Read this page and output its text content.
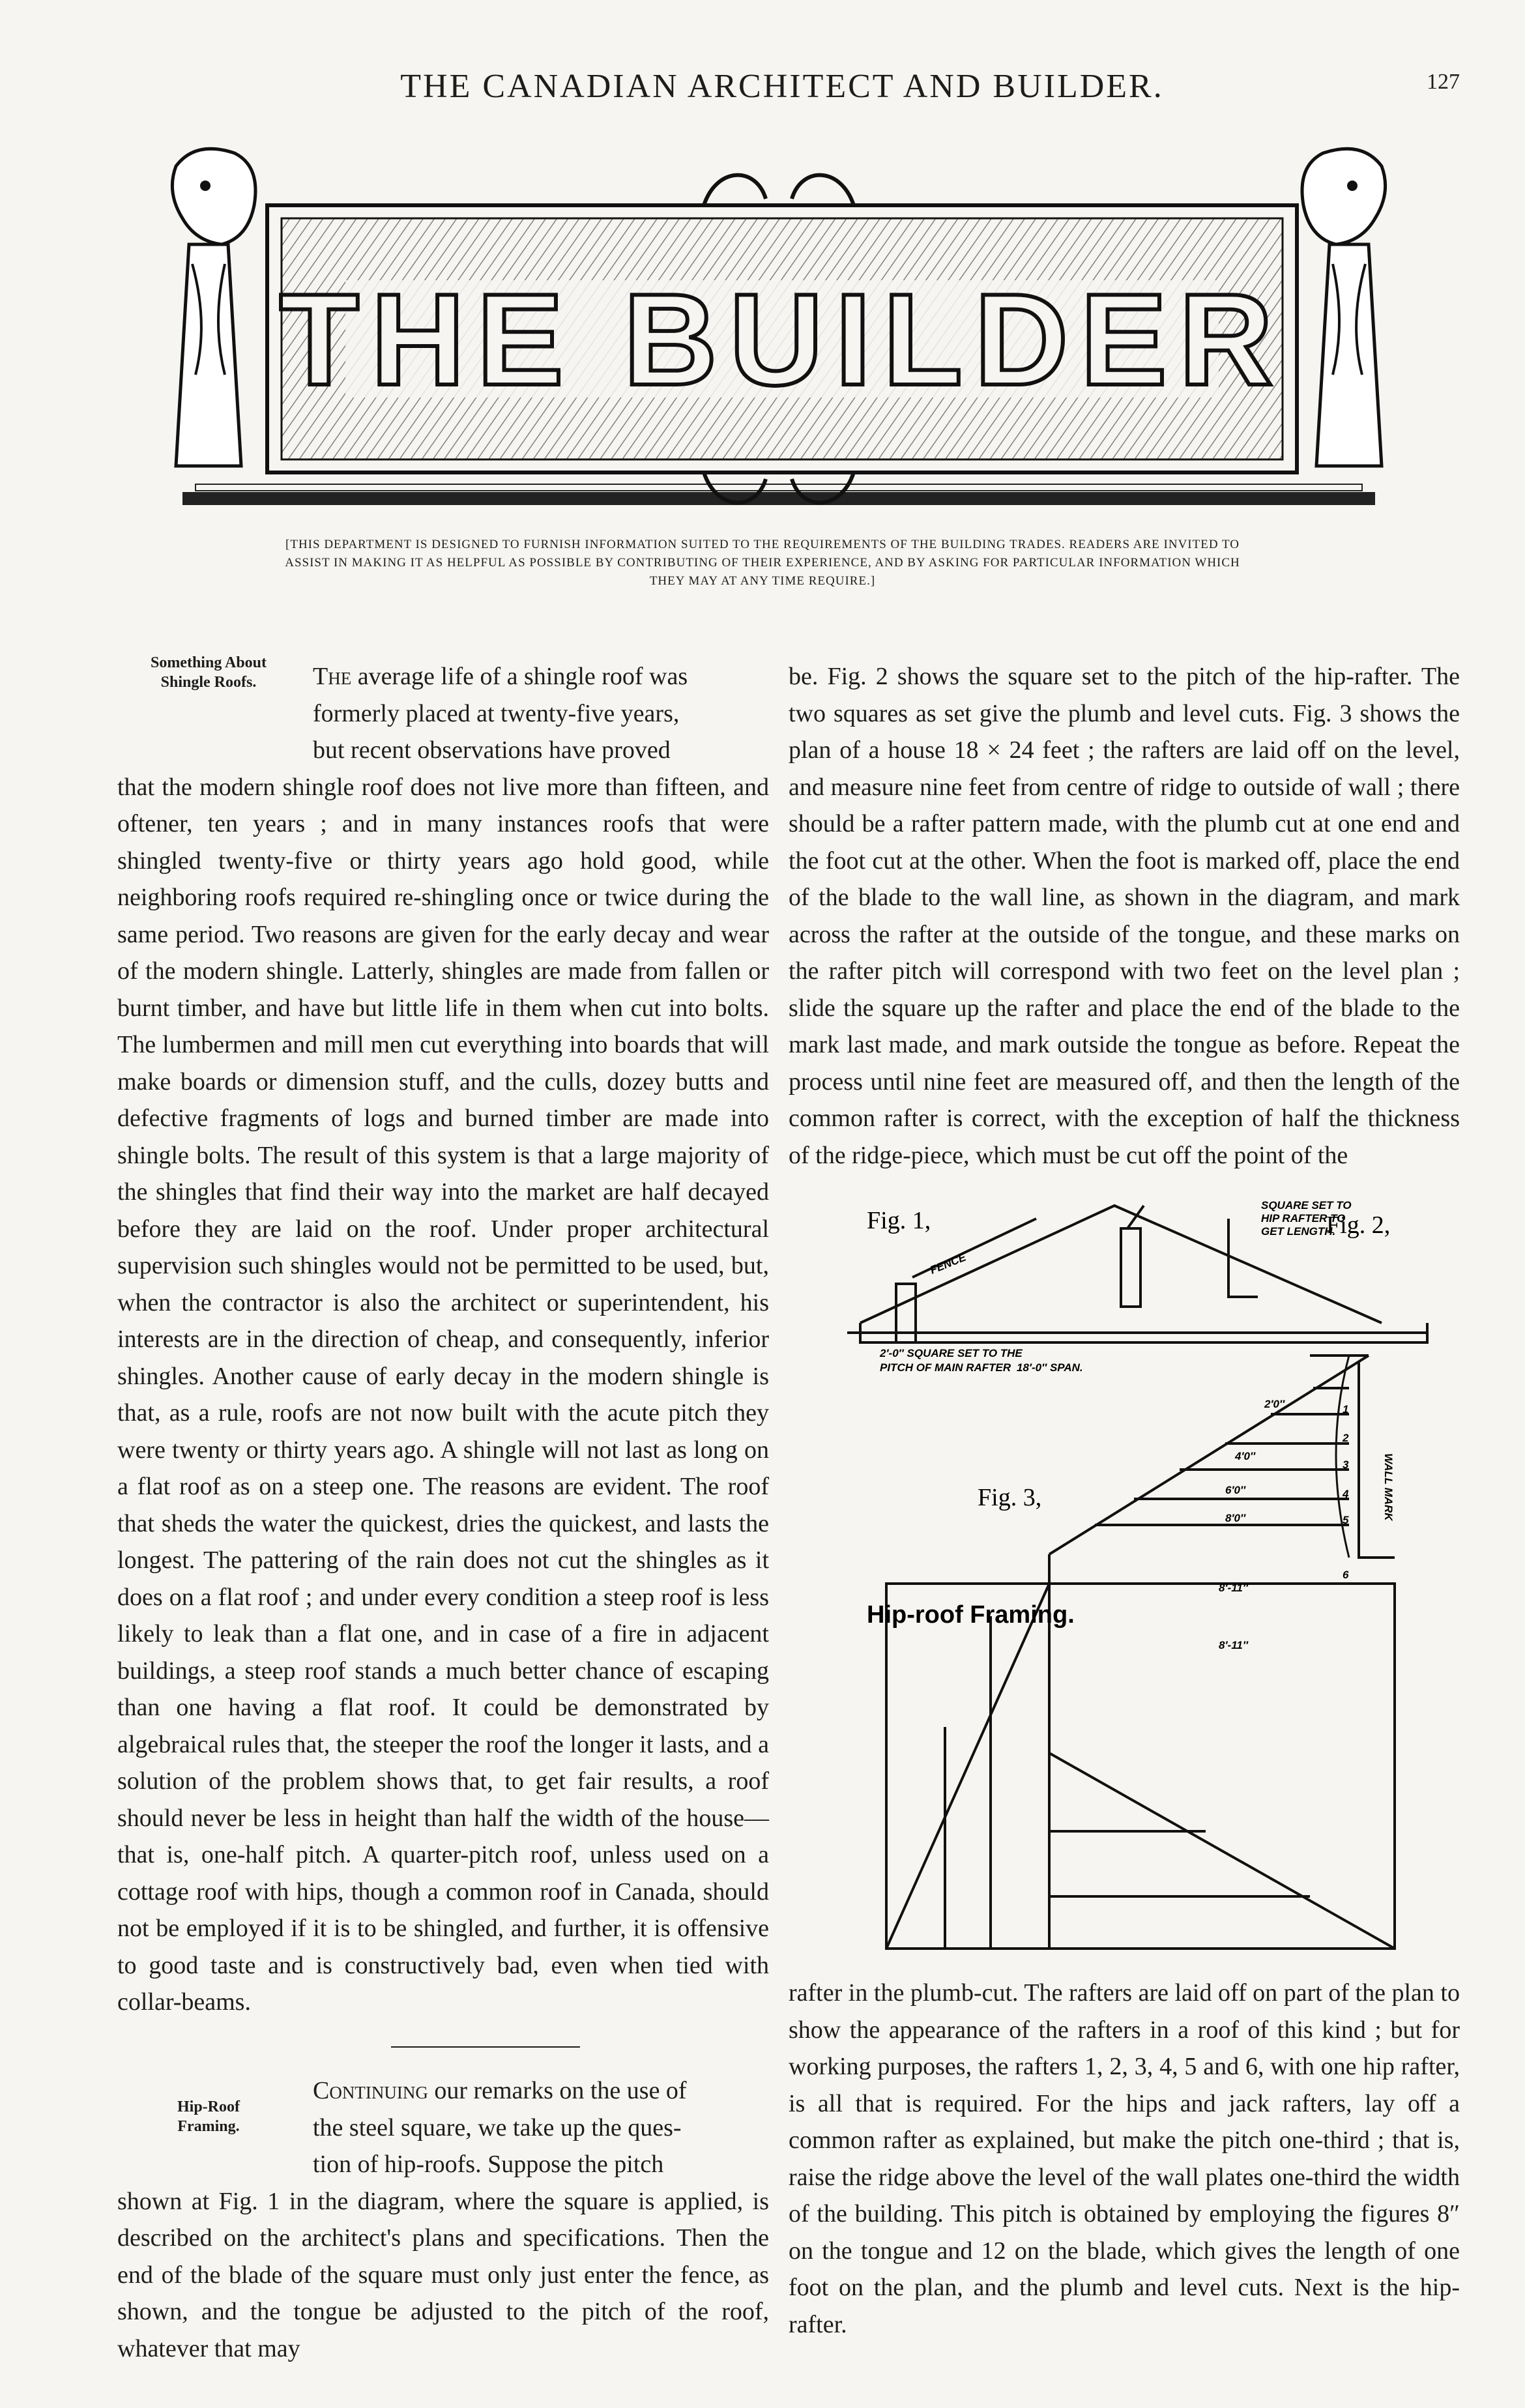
THE CANADIAN ARCHITECT AND BUILDER.	127
THE BUILDER
[THIS DEPARTMENT IS DESIGNED TO FURNISH INFORMATION SUITED TO THE REQUIREMENTS OF THE BUILDING TRADES. READERS ARE INVITED TO ASSIST IN MAKING IT AS HELPFUL AS POSSIBLE BY CONTRIBUTING OF THEIR EXPERIENCE, AND BY ASKING FOR PARTICULAR INFORMATION WHICH THEY MAY AT ANY TIME REQUIRE.]
Something About
Shingle Roofs.	The average life of a shingle roof was

formerly placed at twenty-five years,

but recent observations have proved

that the modern shingle roof does not live more than fifteen, and oftener, ten years ; and in many instances roofs that were shingled twenty-five or thirty years ago hold good, while neighboring roofs required re-shingling once or twice during the same period. Two reasons are given for the early decay and wear of the modern shingle. Latterly, shingles are made from fallen or burnt timber, and have but little life in them when cut into bolts. The lumbermen and mill men cut everything into boards that will make boards or dimension stuff, and the culls, dozey butts and defective fragments of logs and burned timber are made into shingle bolts. The result of this system is that a large majority of the shingles that find their way into the market are half decayed before they are laid on the roof. Under proper architectural supervision such shingles would not be permitted to be used, but, when the contractor is also the architect or superintendent, his interests are in the direction of cheap, and consequently, inferior shingles. Another cause of early decay in the modern shingle is that, as a rule, roofs are not now built with the acute pitch they were twenty or thirty years ago. A shingle will not last as long on a flat roof as on a steep one. The reasons are evident. The roof that sheds the water the quickest, dries the quickest, and lasts the longest. The pattering of the rain does not cut the shingles as it does on a flat roof ; and under every condition a steep roof is less likely to leak than a flat one, and in case of a fire in adjacent buildings, a steep roof stands a much better chance of escaping than one having a flat roof. It could be demonstrated by algebraical rules that, the steeper the roof the longer it lasts, and a solution of the problem shows that, to get fair results, a roof should never be less in height than half the width of the house—that is, one-half pitch. A quarter-pitch roof, unless used on a cottage roof with hips, though a common roof in Canada, should not be employed if it is to be shingled, and further, it is offensive to good taste and is constructively bad, even when tied with collar-beams.

Hip-Roof
Framing.

Continuing our remarks on the use of

the steel square, we take up the ques-

tion of hip-roofs. Suppose the pitch

shown at Fig. 1 in the diagram, where the square is applied, is described on the architect's plans and specifications. Then the end of the blade of the square must only just enter the fence, as shown, and the tongue be adjusted to the pitch of the roof, whatever that may

be. Fig. 2 shows the square set to the pitch of the hip-rafter. The two squares as set give the plumb and level cuts. Fig. 3 shows the plan of a house 18 × 24 feet ; the rafters are laid off on the level, and measure nine feet from centre of ridge to outside of wall ; there should be a rafter pattern made, with the plumb cut at one end and the foot cut at the other. When the foot is marked off, place the end of the blade to the wall line, as shown in the diagram, and mark across the rafter at the outside of the tongue, and these marks on the rafter pitch will correspond with two feet on the level plan ; slide the square up the rafter and place the end of the blade to the mark last made, and mark outside the tongue as before. Repeat the process until nine feet are measured off, and then the length of the common rafter is correct, with the exception of half the thickness of the ridge-piece, which must be cut off the point of the

Fig. 1,	Fig. 2,
Fig. 3,
Hip-roof Framing.
FENCE
2′-0″ SQUARE SET TO THE
PITCH OF MAIN RAFTER 18′-0″ SPAN.
SQUARE SET TO
HIP RAFTER TO
GET LENGTH.
WALL MARK
2′0″
4′0″
6′0″
8′0″
8′-11″
8′-11″
1
2
3
4
5
6

rafter in the plumb-cut. The rafters are laid off on part of the plan to show the appearance of the rafters in a roof of this kind ; but for working purposes, the rafters 1, 2, 3, 4, 5 and 6, with one hip rafter, is all that is required. For the hips and jack rafters, lay off a common rafter as explained, but make the pitch one-third ; that is, raise the ridge above the level of the wall plates one-third the width of the building. This pitch is obtained by employing the figures 8″ on the tongue and 12 on the blade, which gives the length of one foot on the plan, and the plumb and level cuts. Next is the hip-rafter.
